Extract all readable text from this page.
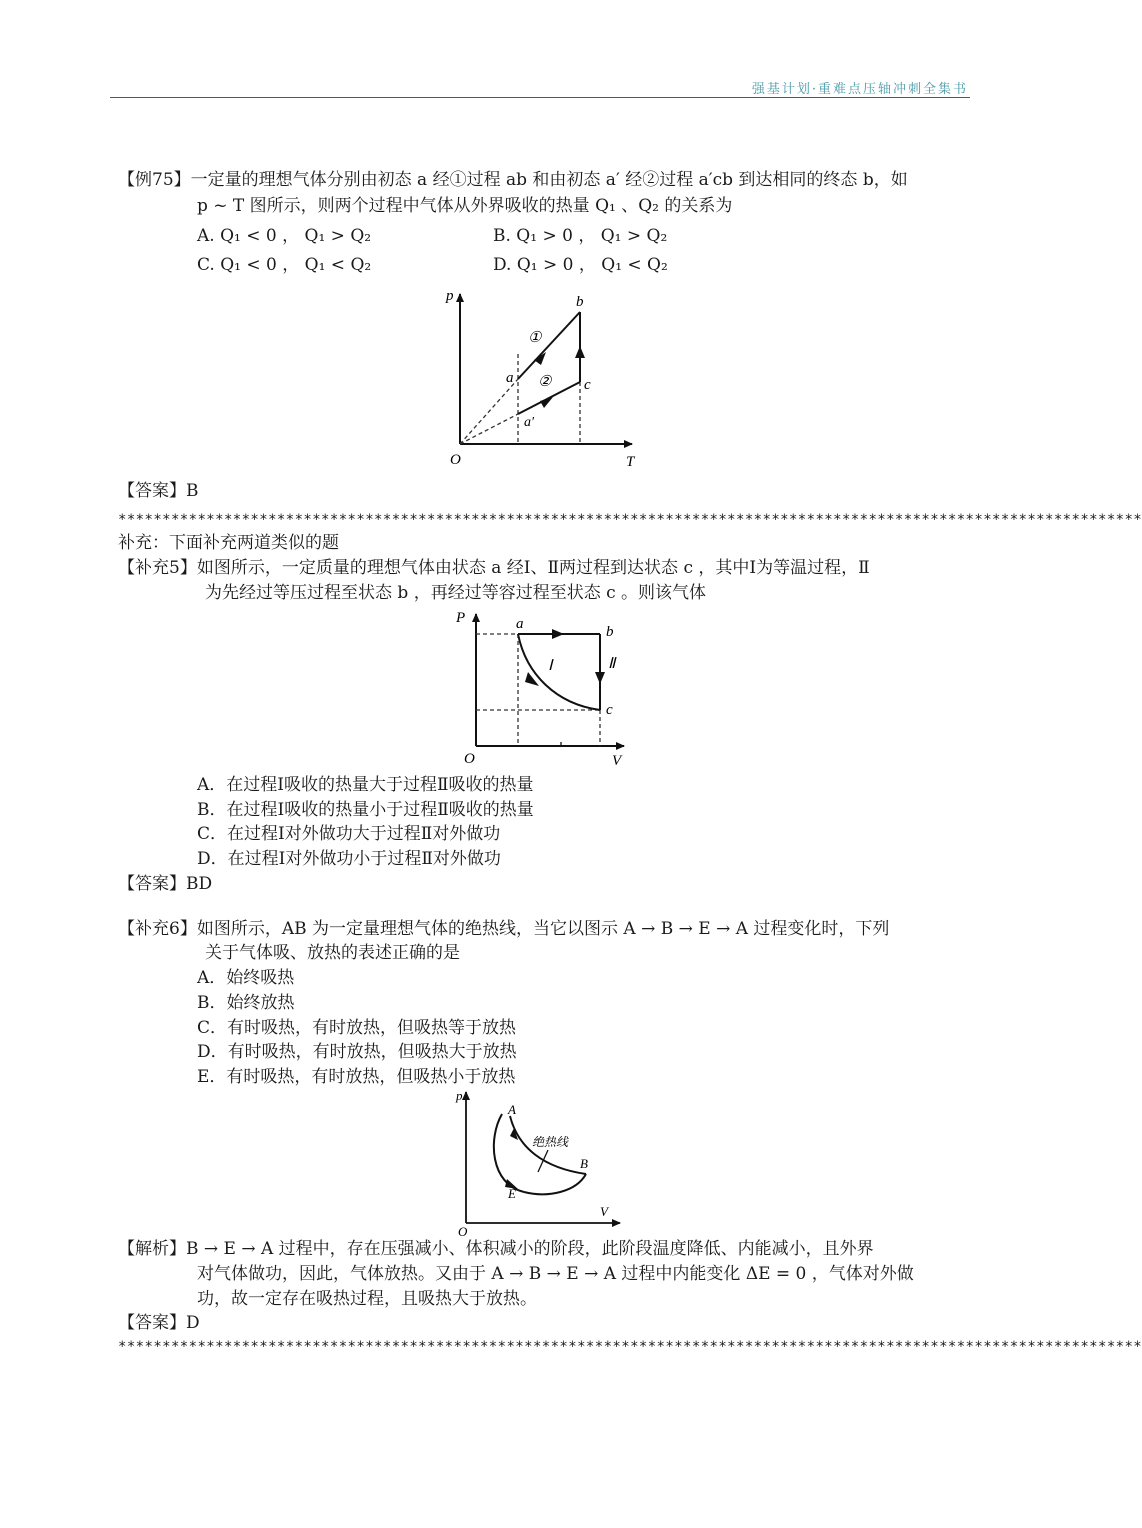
强基计划·重难点压轴冲刺全集书
【例75】一定量的理想气体分别由初态 a 经①过程 ab 和由初态 a′ 经②过程 a′cb 到达相同的终态 b，如
p ~ T 图所示，则两个过程中气体从外界吸收的热量 Q₁ 、Q₂ 的关系为
A. Q₁ < 0 ， Q₁ > Q₂	B. Q₁ > 0 ， Q₁ > Q₂
C. Q₁ < 0 ， Q₁ < Q₂	D. Q₁ > 0 ， Q₁ < Q₂
p
T
O
a
a′
b
c
①
②
【答案】B
********************************************************************************************************************
补充：下面补充两道类似的题
【补充5】如图所示，一定质量的理想气体由状态 a 经Ⅰ、Ⅱ两过程到达状态 c ，其中Ⅰ为等温过程，Ⅱ
为先经过等压过程至状态 b ，再经过等容过程至状态 c 。则该气体
P
V
O
a	b
c
Ⅰ	Ⅱ
A．在过程Ⅰ吸收的热量大于过程Ⅱ吸收的热量
B．在过程Ⅰ吸收的热量小于过程Ⅱ吸收的热量
C．在过程Ⅰ对外做功大于过程Ⅱ对外做功
D．在过程Ⅰ对外做功小于过程Ⅱ对外做功
【答案】BD
【补充6】如图所示，AB 为一定量理想气体的绝热线，当它以图示 A → B → E → A 过程变化时，下列
关于气体吸、放热的表述正确的是
A．始终吸热
B．始终放热
C．有时吸热，有时放热，但吸热等于放热
D．有时吸热，有时放热，但吸热大于放热
E．有时吸热，有时放热，但吸热小于放热
p
V
O
A
B
E
绝热线
【解析】B → E → A 过程中，存在压强减小、体积减小的阶段，此阶段温度降低、内能减小，且外界
对气体做功，因此，气体放热。又由于 A → B → E → A 过程中内能变化 ΔE = 0 ，气体对外做
功，故一定存在吸热过程，且吸热大于放热。
【答案】D
********************************************************************************************************************
